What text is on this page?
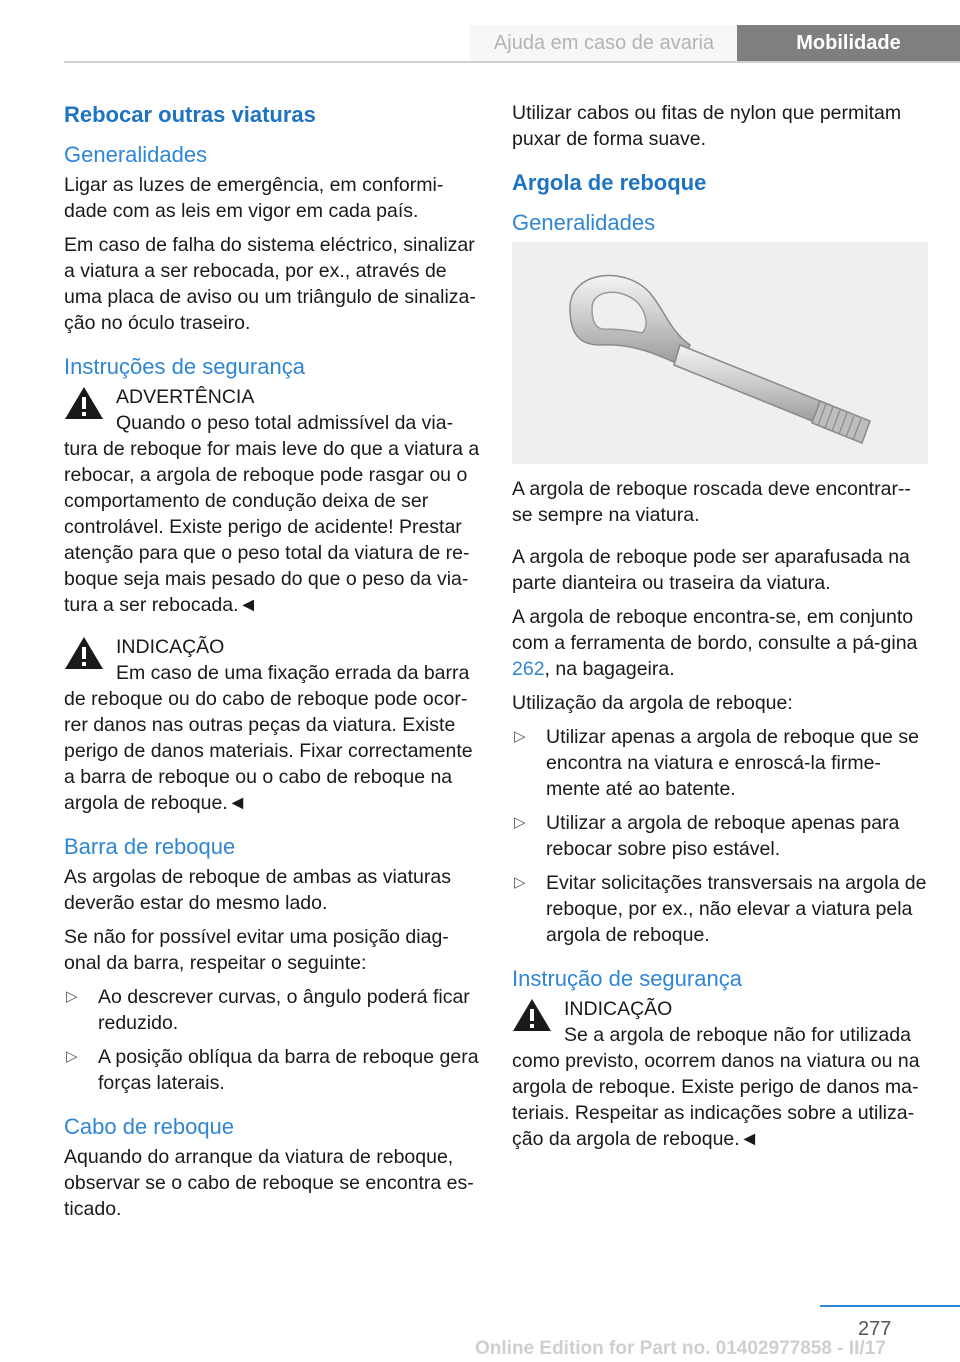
Ajuda em caso de avaria	Mobilidade
Rebocar outras viaturas
Generalidades

Ligar as luzes de emergência, em conformi-dade com as leis em vigor em cada país.

Em caso de falha do sistema eléctrico, sinalizar a viatura a ser rebocada, por ex., através de uma placa de aviso ou um triângulo de sinaliza-ção no óculo traseiro.

Instruções de segurança
ADVERTÊNCIA

Quando o peso total admissível da via-tura de reboque for mais leve do que a viatura a rebocar, a argola de reboque pode rasgar ou o comportamento de condução deixa de ser controlável. Existe perigo de acidente! Prestar atenção para que o peso total da viatura de re-boque seja mais pesado do que o peso da via-tura a ser rebocada.◄

INDICAÇÃO

Em caso de uma fixação errada da barra de reboque ou do cabo de reboque pode ocor-rer danos nas outras peças da viatura. Existe perigo de danos materiais. Fixar correctamente a barra de reboque ou o cabo de reboque na argola de reboque.◄

Barra de reboque

As argolas de reboque de ambas as viaturas deverão estar do mesmo lado.

Se não for possível evitar uma posição diag-onal da barra, respeitar o seguinte:

▷ Ao descrever curvas, o ângulo poderá ficar reduzido.
▷ A posição oblíqua da barra de reboque gera forças laterais.
Cabo de reboque

Aquando do arranque da viatura de reboque, observar se o cabo de reboque se encontra es-ticado.

Utilizar cabos ou fitas de nylon que permitam puxar de forma suave.

Argola de reboque
Generalidades

A argola de reboque roscada deve encontrar--se sempre na viatura.

A argola de reboque pode ser aparafusada na parte dianteira ou traseira da viatura.

A argola de reboque encontra-se, em conjunto com a ferramenta de bordo, consulte a pá-gina 262, na bagageira.

Utilização da argola de reboque:

▷ Utilizar apenas a argola de reboque que se encontra na viatura e enroscá-la firme-mente até ao batente.
▷ Utilizar a argola de reboque apenas para rebocar sobre piso estável.
▷ Evitar solicitações transversais na argola de reboque, por ex., não elevar a viatura pela argola de reboque.
Instrução de segurança
INDICAÇÃO

Se a argola de reboque não for utilizada como previsto, ocorrem danos na viatura ou na argola de reboque. Existe perigo de danos ma-teriais. Respeitar as indicações sobre a utiliza-ção da argola de reboque.◄

277
Online Edition for Part no. 01402977858 - II/17
